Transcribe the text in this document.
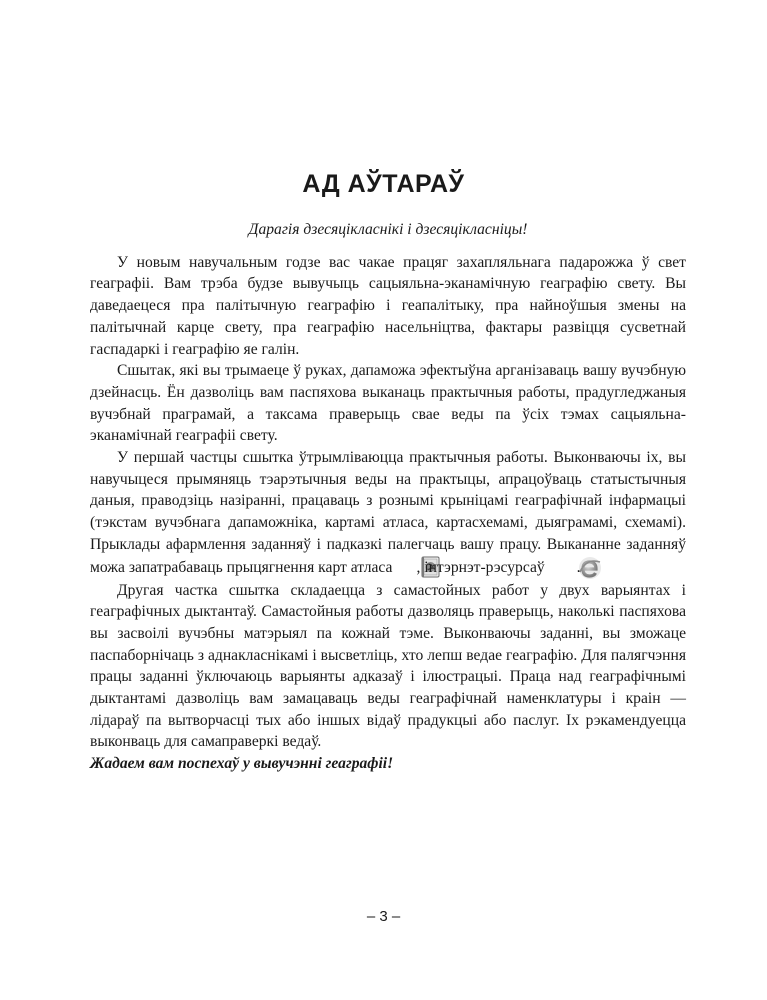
АД АЎТАРАЎ

Дарагія дзесяцікласнікі і дзесяцікласніцы!

У новым навучальным годзе вас чакае працяг захапляльнага падарожжа ў свет геаграфіі. Вам трэба будзе вывучыць сацыяльна-эканамічную геаграфію свету. Вы даведаецеся пра палітычную геаграфію і геапалітыку, пра найноўшыя змены на палітычнай карце свету, пра геаграфію насельніцтва, фактары развіцця сусветнай гаспадаркі і геаграфію яе галін.

Сшытак, які вы трымаеце ў руках, дапаможа эфектыўна арганізаваць вашу вучэбную дзейнасць. Ён дазволіць вам паспяхова выканаць практычныя работы, прадугледжаныя вучэбнай праграмай, а таксама праверыць свае веды па ўсіх тэмах сацыяльна-эканамічнай геаграфіі свету.

У першай частцы сшытка ўтрымліваюцца практычныя работы. Выконваючы іх, вы навучыцеся прымяняць тэарэтычныя веды на практыцы, апрацоўваць статыстычныя даныя, праводзіць назіранні, працаваць з рознымі крыніцамі геаграфічнай інфармацыі (тэкстам вучэбнага дапаможніка, картамі атласа, картасхемамі, дыяграмамі, схемамі). Прыклады афармлення заданняў і падказкі палегчаць вашу працу. Выкананне заданняў можа запатрабаваць прыцягнення карт атласа , інтэрнэт-рэсурсаў .

Другая частка сшытка складаецца з самастойных работ у двух варыянтах і геаграфічных дыктантаў. Самастойныя работы дазволяць праверыць, наколькі паспяхова вы засвоілі вучэбны матэрыял па кожнай тэме. Выконваючы заданні, вы зможаце паспаборнічаць з аднакласнікамі і высветліць, хто лепш ведае геаграфію. Для палягчэння працы заданні ўключаюць варыянты адказаў і ілюстрацыі. Праца над геаграфічнымі дыктантамі дазволіць вам замацаваць веды геаграфічнай наменклатуры і краін — лідараў па вытворчасці тых або іншых відаў прадукцыі або паслуг. Іх рэкамендуецца выконваць для самаправеркі ведаў.

Жадаем вам поспехаў у вывучэнні геаграфіі!

– 3 –
